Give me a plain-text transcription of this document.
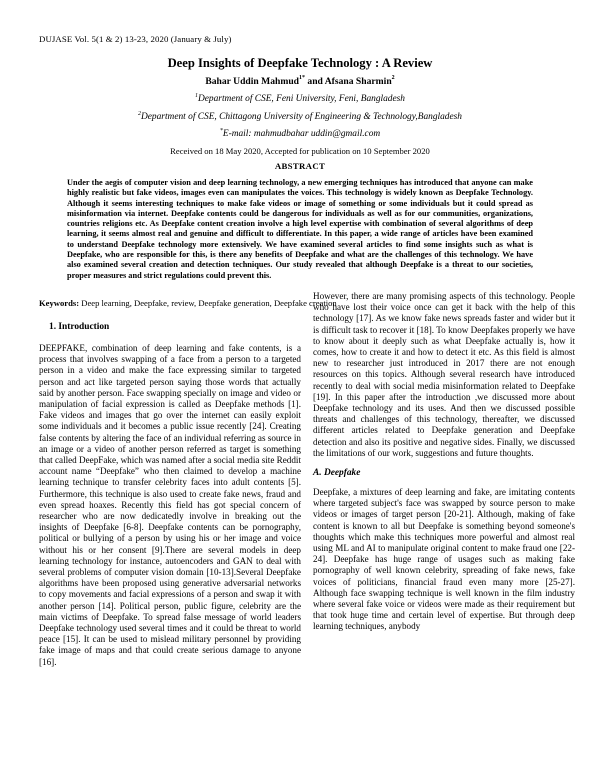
DUJASE Vol. 5(1 & 2) 13-23, 2020 (January & July)
Deep Insights of Deepfake Technology : A Review
Bahar Uddin Mahmud$^{1*}$ and Afsana Sharmin$^2$
$^1$Department of CSE, Feni University, Feni, Bangladesh
$^2$Department of CSE, Chittagong University of Engineering & Technology,Bangladesh
*E-mail: mahmudbahar uddin@gmail.com
Received on 18 May 2020, Accepted for publication on 10 September 2020
ABSTRACT

Under the aegis of computer vision and deep learning technology, a new emerging techniques has introduced that anyone can make highly realistic but fake videos, images even can manipulates the voices. This technology is widely known as Deepfake Technology. Although it seems interesting techniques to make fake videos or image of something or some individuals but it could spread as misinformation via internet. Deepfake contents could be dangerous for individuals as well as for our communities, organizations, countries religions etc. As Deepfake content creation involve a high level expertise with combination of several algorithms of deep learning, it seems almost real and genuine and difficult to differentiate. In this paper, a wide range of articles have been examined to understand Deepfake technology more extensively. We have examined several articles to find some insights such as what is Deepfake, who are responsible for this, is there any benefits of Deepfake and what are the challenges of this technology. We have also examined several creation and detection techniques. Our study revealed that although Deepfake is a threat to our societies, proper measures and strict regulations could prevent this.

Keywords: Deep learning, Deepfake, review, Deepfake generation, Deepfake creation

1. Introduction

DEEPFAKE, combination of deep learning and fake contents, is a process that involves swapping of a face from a person to a targeted person in a video and make the face expressing similar to targeted person and act like targeted person saying those words that actually said by another person. Face swapping specially on image and video or manipulation of facial expression is called as Deepfake methods [1]. Fake videos and images that go over the internet can easily exploit some individuals and it becomes a public issue recently [24]. Creating false contents by altering the face of an individual referring as source in an image or a video of another person referred as target is something that called DeepFake, which was named after a social media site Reddit account name “Deepfake” who then claimed to develop a machine learning technique to transfer celebrity faces into adult contents [5]. Furthermore, this technique is also used to create fake news, fraud and even spread hoaxes. Recently this field has got special concern of researcher who are now dedicatedly involve in breaking out the insights of Deepfake [6-8]. Deepfake contents can be pornography, political or bullying of a person by using his or her image and voice without his or her consent [9].There are several models in deep learning technology for instance, autoencoders and GAN to deal with several problems of computer vision domain [10-13].Several Deepfake algorithms have been proposed using generative adversarial networks to copy movements and facial expressions of a person and swap it with another person [14]. Political person, public figure, celebrity are the main victims of Deepfake. To spread false message of world leaders Deepfake technology used several times and it could be threat to world peace [15]. It can be used to mislead military personnel by providing fake image of maps and that could create serious damage to anyone [16].

However, there are many promising aspects of this technology. People who have lost their voice once can get it back with the help of this technology [17]. As we know fake news spreads faster and wider but it is difficult task to recover it [18]. To know Deepfakes properly we have to know about it deeply such as what Deepfake actually is, how it comes, how to create it and how to detect it etc. As this field is almost new to researcher just introduced in 2017 there are not enough resources on this topics. Although several research have introduced recently to deal with social media misinformation related to Deepfake [19]. In this paper after the introduction ,we discussed more about Deepfake technology and its uses. And then we discussed possible threats and challenges of this technology, thereafter, we discussed different articles related to Deepfake generation and Deepfake detection and also its positive and negative sides. Finally, we discussed the limitations of our work, suggestions and future thoughts.

A. Deepfake

Deepfake, a mixtures of deep learning and fake, are imitating contents where targeted subject's face was swapped by source person to make videos or images of target person [20-21]. Although, making of fake content is known to all but Deepfake is something beyond someone's thoughts which make this techniques more powerful and almost real using ML and AI to manipulate original content to make fraud one [22-24]. Deepfake has huge range of usages such as making fake pornography of well known celebrity, spreading of fake news, fake voices of politicians, financial fraud even many more [25-27]. Although face swapping technique is well known in the film industry where several fake voice or videos were made as their requirement but that took huge time and certain level of expertise. But through deep learning techniques, anybody
